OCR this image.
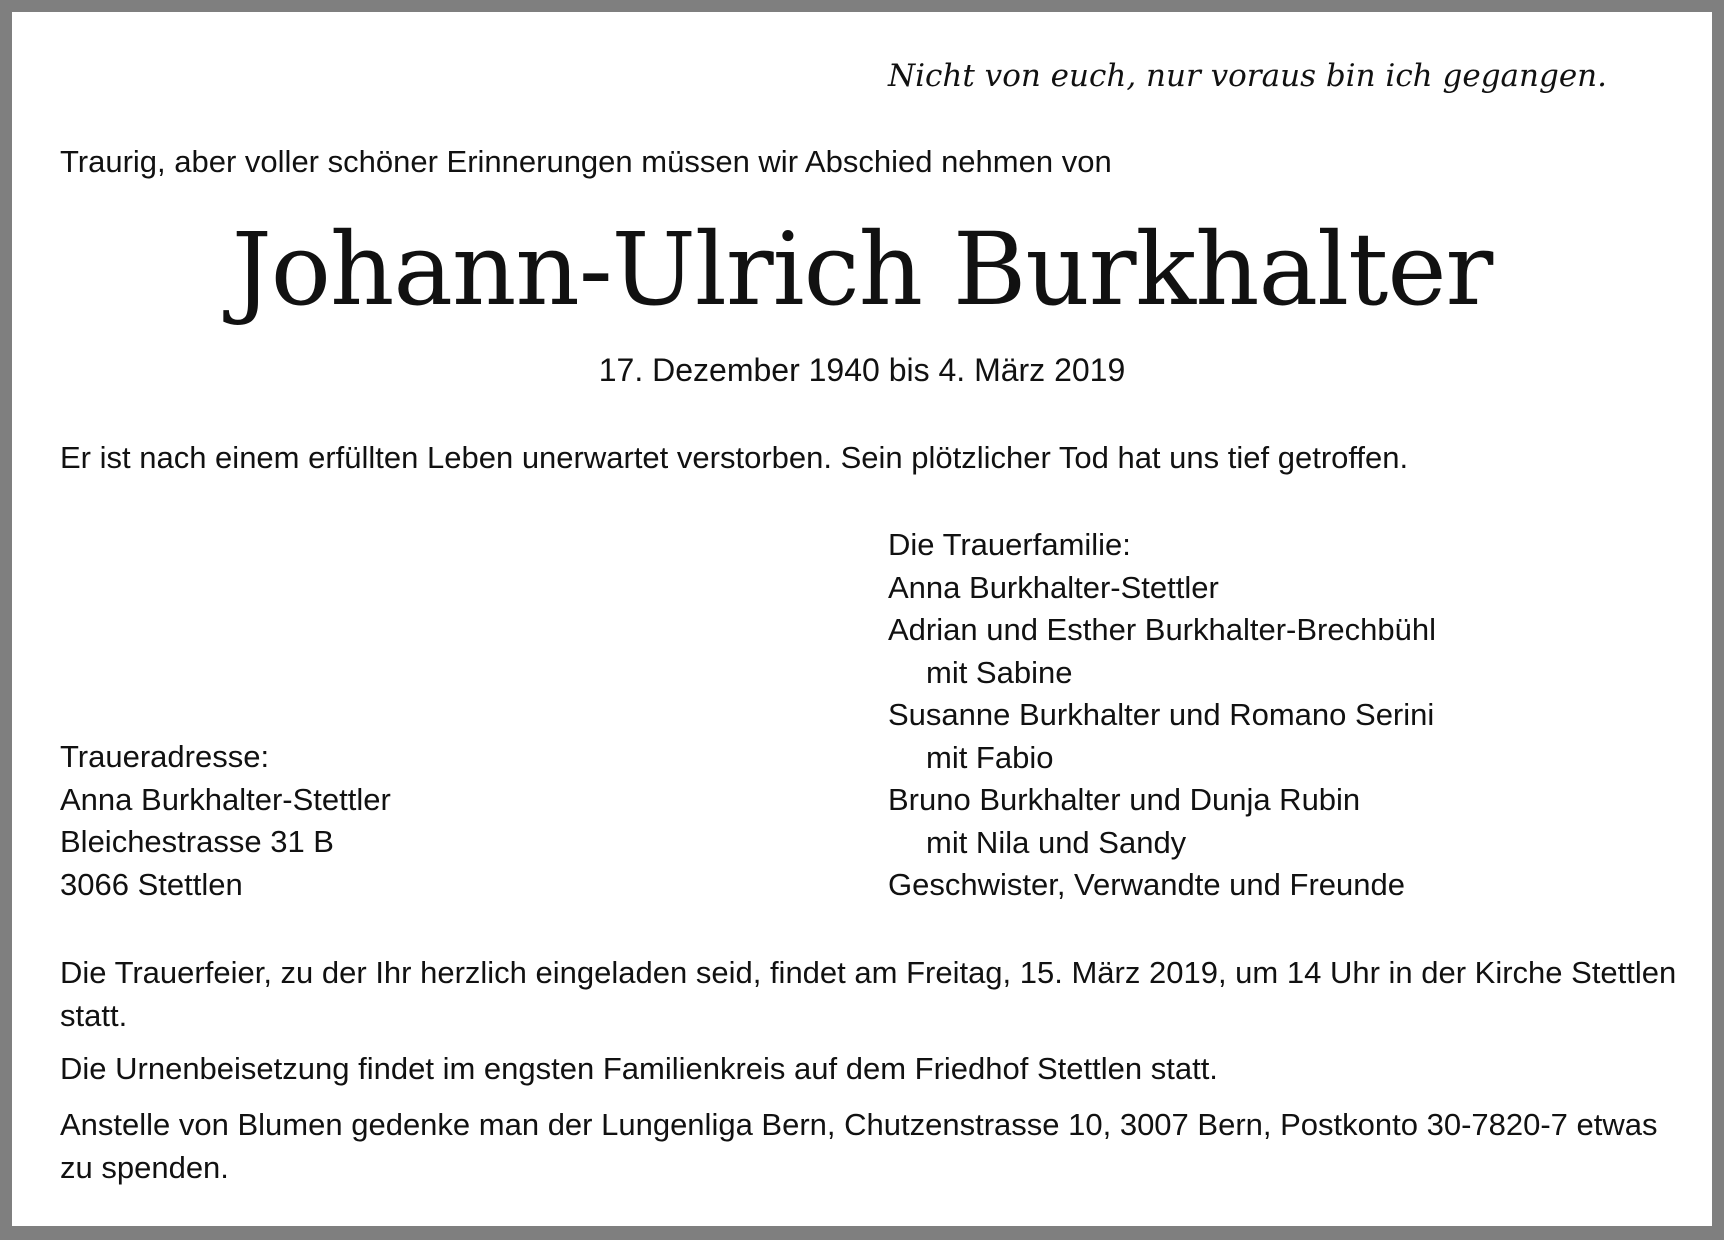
Nicht von euch, nur voraus bin ich gegangen.
Traurig, aber voller schöner Erinnerungen müssen wir Abschied nehmen von
Johann-Ulrich Burkhalter
17. Dezember 1940 bis 4. März 2019
Er ist nach einem erfüllten Leben unerwartet verstorben. Sein plötzlicher Tod hat uns tief getroffen.
Die Trauerfamilie:
Anna Burkhalter-Stettler
Adrian und Esther Burkhalter-Brechbühl
mit Sabine
Susanne Burkhalter und Romano Serini
mit Fabio
Bruno Burkhalter und Dunja Rubin
mit Nila und Sandy
Geschwister, Verwandte und Freunde
Traueradresse:
Anna Burkhalter-Stettler
Bleichestrasse 31 B
3066 Stettlen
Die Trauerfeier, zu der Ihr herzlich eingeladen seid, findet am Freitag, 15. März 2019, um 14 Uhr in der Kirche Stettlen statt.
Die Urnenbeisetzung findet im engsten Familienkreis auf dem Friedhof Stettlen statt.
Anstelle von Blumen gedenke man der Lungenliga Bern, Chutzenstrasse 10, 3007 Bern, Postkonto 30-7820-7 etwas zu spenden.
